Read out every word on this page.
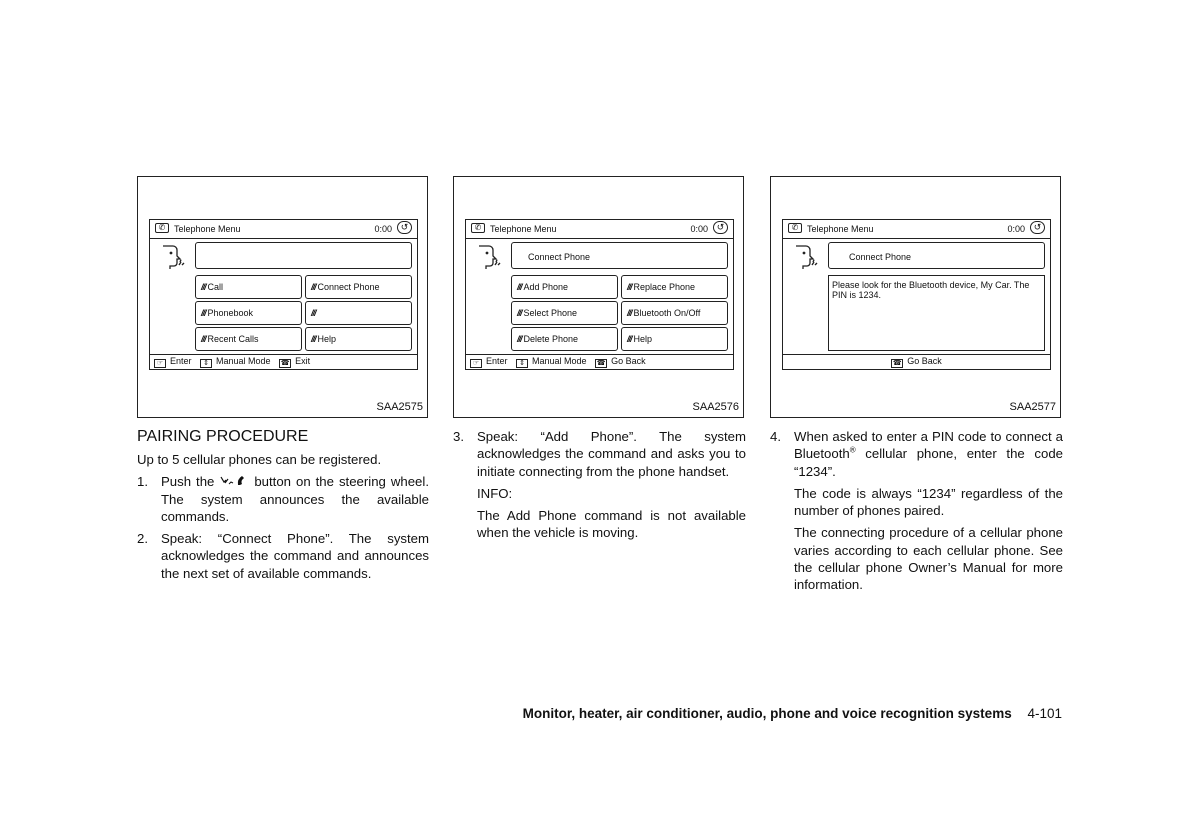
✆ Telephone Menu	0:00 ↺
/// Call	/// Connect Phone
/// Phonebook	///
/// Recent Calls	/// Help
☞ Enter ⇕ Manual Mode ☎ Exit
SAA2575
✆ Telephone Menu	0:00 ↺
Connect Phone
/// Add Phone	/// Replace Phone
/// Select Phone	/// Bluetooth On/Off
/// Delete Phone	/// Help
☞ Enter ⇕ Manual Mode ☎ Go Back
SAA2576
✆ Telephone Menu	0:00 ↺
Connect Phone
Please look for the Bluetooth device, My Car. The PIN is 1234.
☎ Go Back
SAA2577
PAIRING PROCEDURE

Up to 5 cellular phones can be registered.

1. Push the	button on the steering wheel. The system announces the available commands.
2. Speak: “Connect Phone”. The system acknowledges the command and announces the next set of available commands.
3. Speak: “Add Phone”. The system acknowledges the command and asks you to initiate connecting from the phone handset.

INFO:

The Add Phone command is not available when the vehicle is moving.

4. When asked to enter a PIN code to connect a Bluetooth® cellular phone, enter the code “1234”.

The code is always “1234” regardless of the number of phones paired.

The connecting procedure of a cellular phone varies according to each cellular phone. See the cellular phone Owner’s Manual for more information.

Monitor, heater, air conditioner, audio, phone and voice recognition systems 4-101
